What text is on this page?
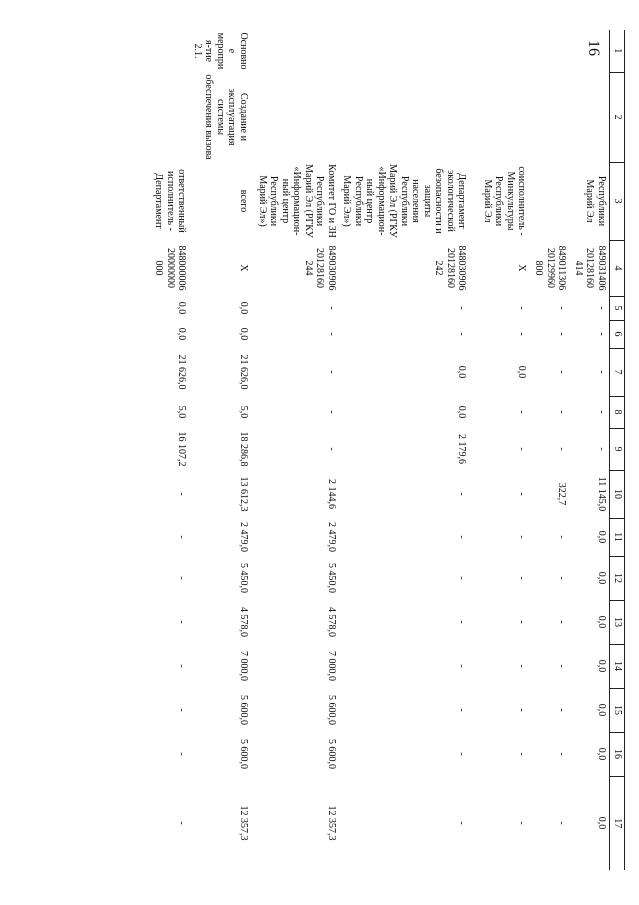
16 1	2	3	4	5	6	7	8	9	10	11	12	13	14	15	16	17
		Республики Марий Эл	849031406 20128160 414	-	-	-	-	-	11 145,0	0,0	0,0	0,0	0,0	0,0	0,0	0,0
			849011306 20129960 800	-	-	-	-	-	322,7	-	-	-	-	-	-	-
		соисполнитель - Минкультуры Республики Марий Эл	X	-	-	0,0	-	-	-	-	-	-	-	-	-	-
		Департамент экологической безопасности и защиты населения Республики Марий Эл (РГКУ «Информацион-ный центр Республики Марий Эл»)	848030906 20128160 242	-	-	0,0	0,0	2 179,6	-	-	-	-	-	-	-	-
		Комитет ГО и ЗН Республики Марий Эл (РГКУ «Информацион-ный центр Республики Марий Эл»)	849030906 20128160 244	-	-	-	-	-	2 144,6	2 479,0	5 450,0	4 578,0	7 000,0	5 600,0	5 600,0	12 357,3
Основное мероприя-тие 2.1.	Создание и эксплуатация системы обеспечения вызова	всего	X	0,0	0,0	21 626,0	5,0	18 286,8	13 612,3	2 479,0	5 450,0	4 578,0	7 000,0	5 600,0	5 600,0	12 357,3
		ответственный исполнитель - Департамент	848000006 20000000 000	0,0	0,0	21 626,0	5,0	16 107,2	-	-	-	-	-	-	-	-
